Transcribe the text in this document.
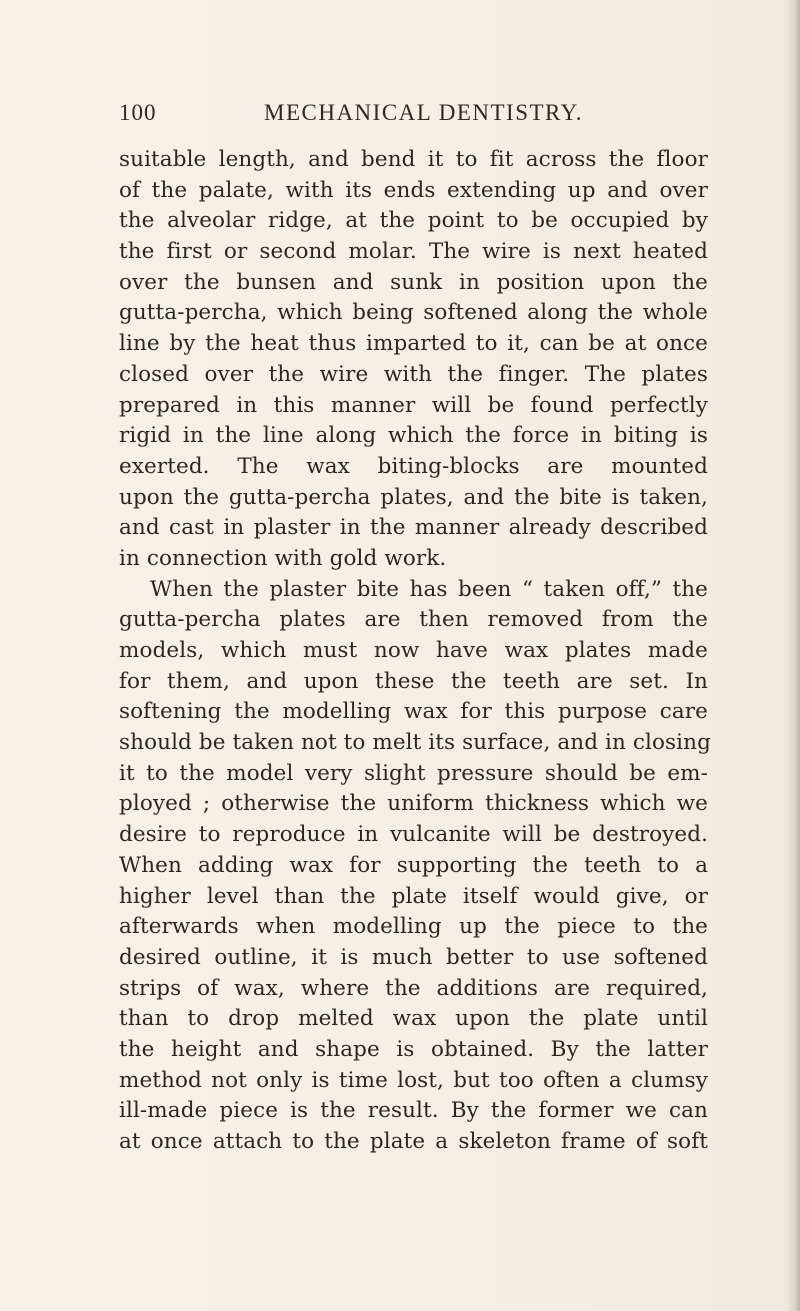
100	MECHANICAL DENTISTRY.
suitable length, and bend it to fit across the floor
of the palate, with its ends extending up and over
the alveolar ridge, at the point to be occupied by
the first or second molar. The wire is next heated
over the bunsen and sunk in position upon the
gutta-percha, which being softened along the whole
line by the heat thus imparted to it, can be at once
closed over the wire with the finger. The plates
prepared in this manner will be found perfectly
rigid in the line along which the force in biting is
exerted. The wax biting-blocks are mounted
upon the gutta-percha plates, and the bite is taken,
and cast in plaster in the manner already described
in connection with gold work.
When the plaster bite has been “ taken off,” the
gutta-percha plates are then removed from the
models, which must now have wax plates made
for them, and upon these the teeth are set. In
softening the modelling wax for this purpose care
should be taken not to melt its surface, and in closing
it to the model very slight pressure should be em-
ployed ; otherwise the uniform thickness which we
desire to reproduce in vulcanite will be destroyed.
When adding wax for supporting the teeth to a
higher level than the plate itself would give, or
afterwards when modelling up the piece to the
desired outline, it is much better to use softened
strips of wax, where the additions are required,
than to drop melted wax upon the plate until
the height and shape is obtained. By the latter
method not only is time lost, but too often a clumsy
ill-made piece is the result. By the former we can
at once attach to the plate a skeleton frame of soft
